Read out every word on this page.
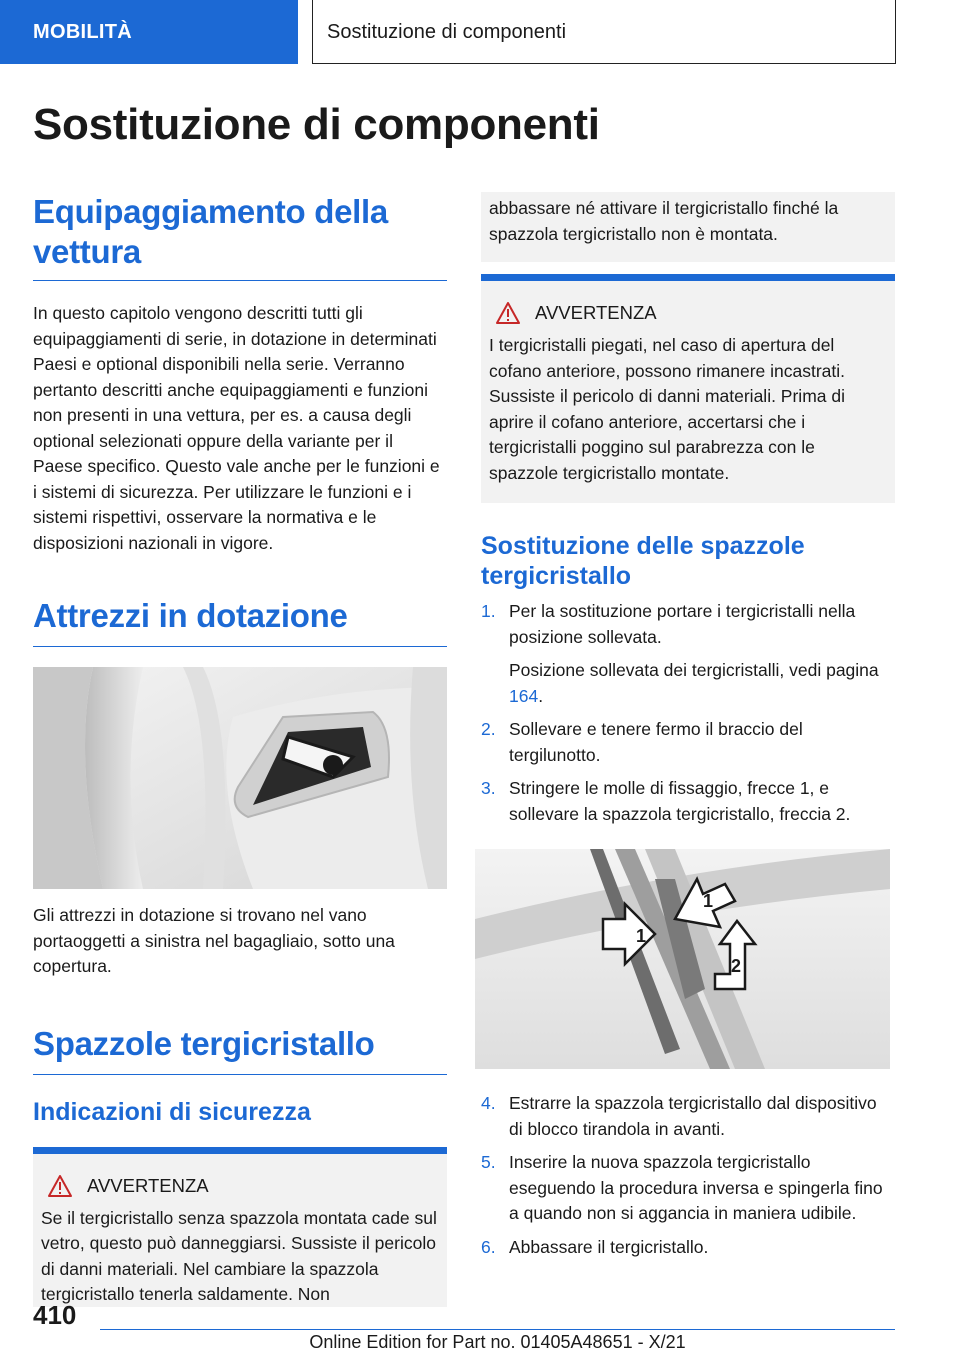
MOBILITÀ	Sostituzione di componenti
Sostituzione di componenti
Equipaggiamento della vettura

In questo capitolo vengono descritti tutti gli equipaggiamenti di serie, in dotazione in determinati Paesi e optional disponibili nella serie. Verranno pertanto descritti anche equipaggiamenti e funzioni non presenti in una vettura, per es. a causa degli optional selezionati oppure della variante per il Paese specifico. Questo vale anche per le funzioni e i sistemi di sicurezza. Per utilizzare le funzioni e i sistemi rispettivi, osservare la normativa e le disposizioni nazionali in vigore.

Attrezzi in dotazione

Gli attrezzi in dotazione si trovano nel vano portaoggetti a sinistra nel bagagliaio, sotto una copertura.

Spazzole tergicristallo
Indicazioni di sicurezza
AVVERTENZA

Se il tergicristallo senza spazzola montata cade sul vetro, questo può danneggiarsi. Sussiste il pericolo di danni materiali. Nel cambiare la spazzola tergicristallo tenerla saldamente. Non

abbassare né attivare il tergicristallo finché la spazzola tergicristallo non è montata.

AVVERTENZA

I tergicristalli piegati, nel caso di apertura del cofano anteriore, possono rimanere incastrati. Sussiste il pericolo di danni materiali. Prima di aprire il cofano anteriore, accertarsi che i tergicristalli poggino sul parabrezza con le spazzole tergicristallo montate.

Sostituzione delle spazzole tergicristallo
1. Per la sostituzione portare i tergicristalli nella posizione sollevata.
Posizione sollevata dei tergicristalli, vedi pagina 164.
2. Sollevare e tenere fermo il braccio del tergilunotto.
3. Stringere le molle di fissaggio, frecce 1, e sollevare la spazzola tergicristallo, freccia 2.
1
1
2
4. Estrarre la spazzola tergicristallo dal dispositivo di blocco tirandola in avanti.
5. Inserire la nuova spazzola tergicristallo eseguendo la procedura inversa e spingerla fino a quando non si aggancia in maniera udibile.
6. Abbassare il tergicristallo.
410
Online Edition for Part no. 01405A48651 - X/21
